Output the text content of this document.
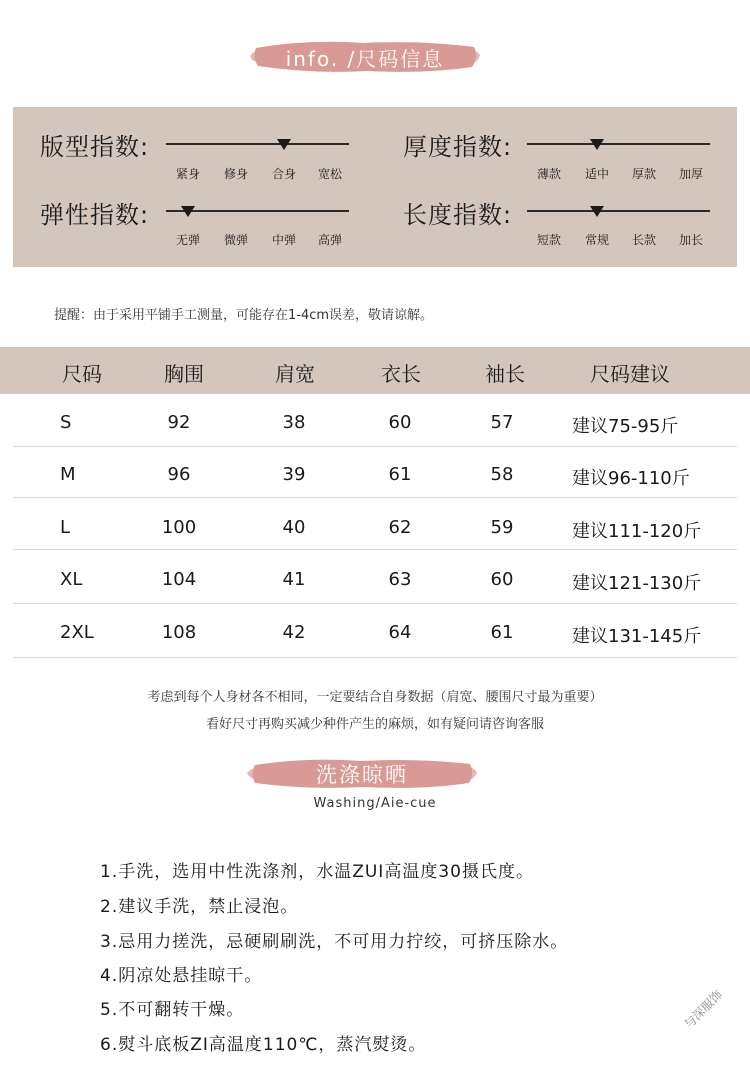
info. /尺码信息
版型指数:
紧身	修身	合身	宽松
厚度指数:
薄款	适中	厚款	加厚
弹性指数:
无弹	微弹	中弹	高弹
长度指数:
短款	常规	长款	加长
提醒：由于采用平铺手工测量，可能存在1-4cm误差，敬请谅解。
尺码	胸围	肩宽	衣长	袖长	尺码建议
S	92	38	60	57	建议75-95斤
M	96	39	61	58	建议96-110斤
L	100	40	62	59	建议111-120斤
XL	104	41	63	60	建议121-130斤
2XL	108	42	64	61	建议131-145斤
考虑到每个人身材各不相同，一定要结合自身数据（肩宽、腰围尺寸最为重要）
看好尺寸再购买减少种件产生的麻烦，如有疑问请咨询客服
洗涤晾晒
Washing/Aie-cue
1.手洗，选用中性洗涤剂，水温ZUI高温度30摄氏度。
2.建议手洗，禁止浸泡。
3.忌用力搓洗，忌硬刷刷洗，不可用力拧绞，可挤压除水。
4.阴凉处悬挂晾干。
5.不可翻转干燥。
6.熨斗底板ZI高温度110℃，蒸汽熨烫。
与深服饰
